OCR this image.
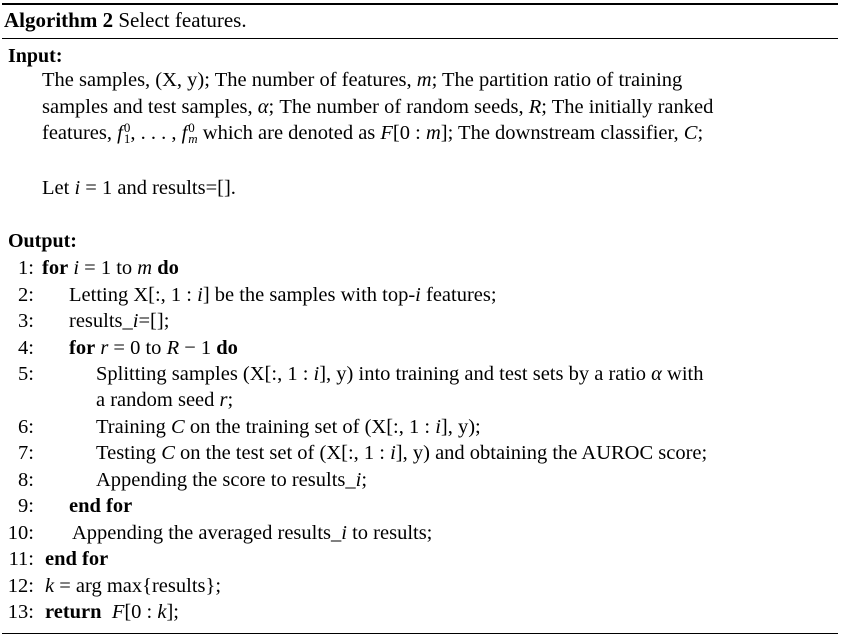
Algorithm 2 Select features.
Input:
The samples, (X, y); The number of features, m; The partition ratio of training
samples and test samples, α; The number of random seeds, R; The initially ranked
features, f 0
1 , . . . , f 0
m which are denoted as F[0 : m]; The downstream classifier, C;
Let i = 1 and results=[].
Output:
1: for i = 1 to m do
2: Letting X[:, 1 : i] be the samples with top-i features;
3: results_i=[];
4: for r = 0 to R − 1 do
5:	Splitting samples (X[:, 1 : i], y) into training and test sets by a ratio α with
a random seed r;
6:	Training C on the training set of (X[:, 1 : i], y);
7:	Testing C on the test set of (X[:, 1 : i], y) and obtaining the AUROC score;
8:	Appending the score to results_i;
9: end for
10: Appending the averaged results_i to results;
11: end for
12: k = arg max{results};
13: return F[0 : k];
